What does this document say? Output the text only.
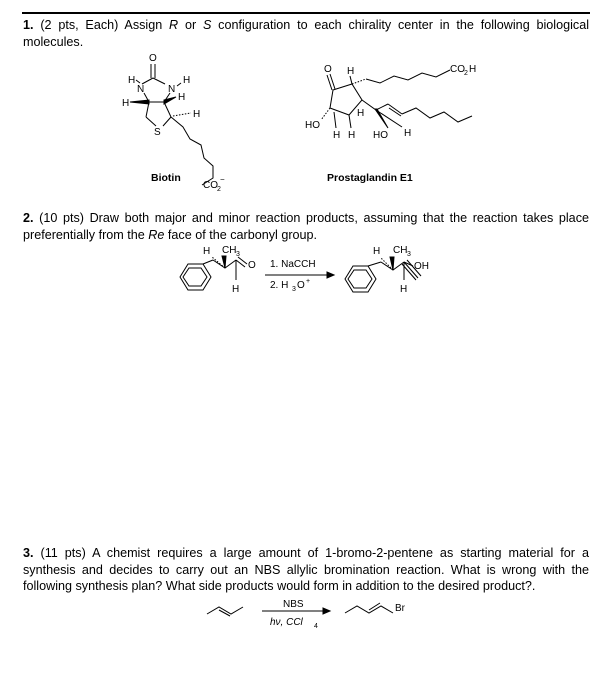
1. (2 pts, Each) Assign R or S configuration to each chirality center in the following biological molecules.
O
H
N N
H
H
H
S
H
CO 2
−
Biotin
O H	CO 2 H
HO
H H
H
HO H
Prostaglandin E1
2. (10 pts) Draw both major and minor reaction products, assuming that the reaction takes place preferentially from the Re face of the carbonyl group.
H CH 3
O
H
1. NaCCH
2. H 3 O +
H CH 3
OH
H
3. (11 pts) A chemist requires a large amount of 1-bromo-2-pentene as starting material for a synthesis and decides to carry out an NBS allylic bromination reaction. What is wrong with the following synthesis plan? What side products would form in addition to the desired product?.
NBS
hν, CCl 4
Br
